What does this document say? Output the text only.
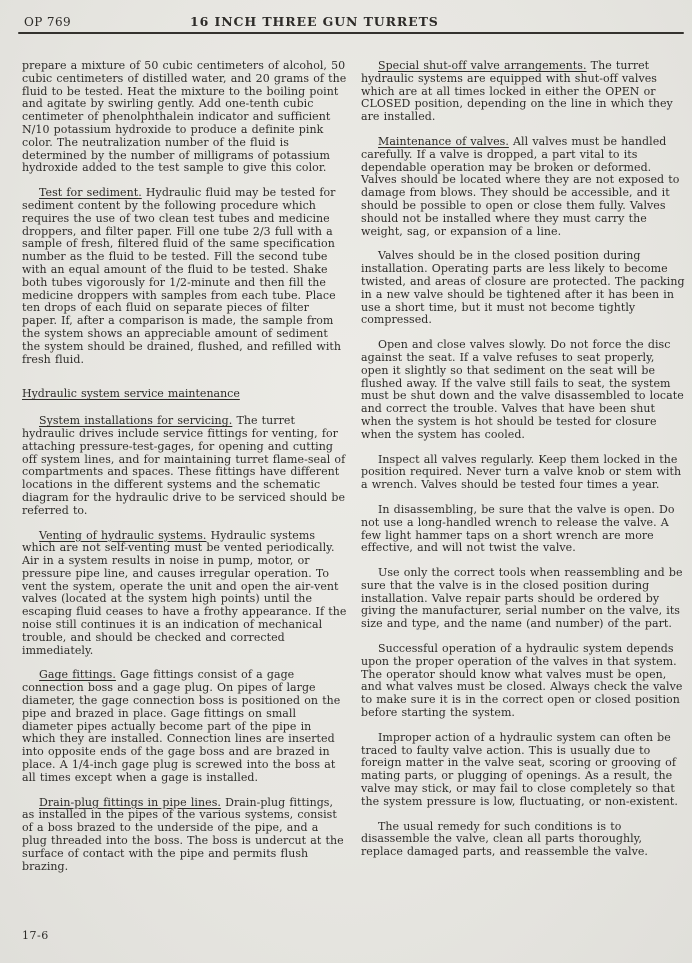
OP 769	16 INCH THREE GUN TURRETS

prepare a mixture of 50 cubic centimeters of alcohol, 50 cubic centimeters of distilled water, and 20 grams of the fluid to be tested. Heat the mixture to the boiling point and agitate by swirling gently. Add one-tenth cubic centimeter of phenolphthalein indicator and sufficient N/10 potassium hydroxide to produce a definite pink color. The neutralization number of the fluid is determined by the number of milligrams of potassium hydroxide added to the test sample to give this color.

Test for sediment. Hydraulic fluid may be tested for sediment content by the following procedure which requires the use of two clean test tubes and medicine droppers, and filter paper. Fill one tube 2/3 full with a sample of fresh, filtered fluid of the same specification number as the fluid to be tested. Fill the second tube with an equal amount of the fluid to be tested. Shake both tubes vigorously for 1/2-minute and then fill the medicine droppers with samples from each tube. Place ten drops of each fluid on separate pieces of filter paper. If, after a comparison is made, the sample from the system shows an appreciable amount of sediment the system should be drained, flushed, and refilled with fresh fluid.

Hydraulic system service maintenance

System installations for servicing. The turret hydraulic drives include service fittings for venting, for attaching pressure-test-gages, for opening and cutting off system lines, and for maintaining turret flame-seal of compartments and spaces. These fittings have different locations in the different systems and the schematic diagram for the hydraulic drive to be serviced should be referred to.

Venting of hydraulic systems. Hydraulic systems which are not self-venting must be vented periodically. Air in a system results in noise in pump, motor, or pressure pipe line, and causes irregular operation. To vent the system, operate the unit and open the air-vent valves (located at the system high points) until the escaping fluid ceases to have a frothy appearance. If the noise still continues it is an indication of mechanical trouble, and should be checked and corrected immediately.

Gage fittings. Gage fittings consist of a gage connection boss and a gage plug. On pipes of large diameter, the gage connection boss is positioned on the pipe and brazed in place. Gage fittings on small diameter pipes actually become part of the pipe in which they are installed. Connection lines are inserted into opposite ends of the gage boss and are brazed in place. A 1/4-inch gage plug is screwed into the boss at all times except when a gage is installed.

Drain-plug fittings in pipe lines. Drain-plug fittings, as installed in the pipes of the various systems, consist of a boss brazed to the underside of the pipe, and a plug threaded into the boss. The boss is undercut at the surface of contact with the pipe and permits flush brazing.

Special shut-off valve arrangements. The turret hydraulic systems are equipped with shut-off valves which are at all times locked in either the OPEN or CLOSED position, depending on the line in which they are installed.

Maintenance of valves. All valves must be handled carefully. If a valve is dropped, a part vital to its dependable operation may be broken or deformed. Valves should be located where they are not exposed to damage from blows. They should be accessible, and it should be possible to open or close them fully. Valves should not be installed where they must carry the weight, sag, or expansion of a line.

Valves should be in the closed position during installation. Operating parts are less likely to become twisted, and areas of closure are protected. The packing in a new valve should be tightened after it has been in use a short time, but it must not become tightly compressed.

Open and close valves slowly. Do not force the disc against the seat. If a valve refuses to seat properly, open it slightly so that sediment on the seat will be flushed away. If the valve still fails to seat, the system must be shut down and the valve disassembled to locate and correct the trouble. Valves that have been shut when the system is hot should be tested for closure when the system has cooled.

Inspect all valves regularly. Keep them locked in the position required. Never turn a valve knob or stem with a wrench. Valves should be tested four times a year.

In disassembling, be sure that the valve is open. Do not use a long-handled wrench to release the valve. A few light hammer taps on a short wrench are more effective, and will not twist the valve.

Use only the correct tools when reassembling and be sure that the valve is in the closed position during installation. Valve repair parts should be ordered by giving the manufacturer, serial number on the valve, its size and type, and the name (and number) of the part.

Successful operation of a hydraulic system depends upon the proper operation of the valves in that system. The operator should know what valves must be open, and what valves must be closed. Always check the valve to make sure it is in the correct open or closed position before starting the system.

Improper action of a hydraulic system can often be traced to faulty valve action. This is usually due to foreign matter in the valve seat, scoring or grooving of mating parts, or plugging of openings. As a result, the valve may stick, or may fail to close completely so that the system pressure is low, fluctuating, or non-existent.

The usual remedy for such conditions is to disassemble the valve, clean all parts thoroughly, replace damaged parts, and reassemble the valve.

17-6
